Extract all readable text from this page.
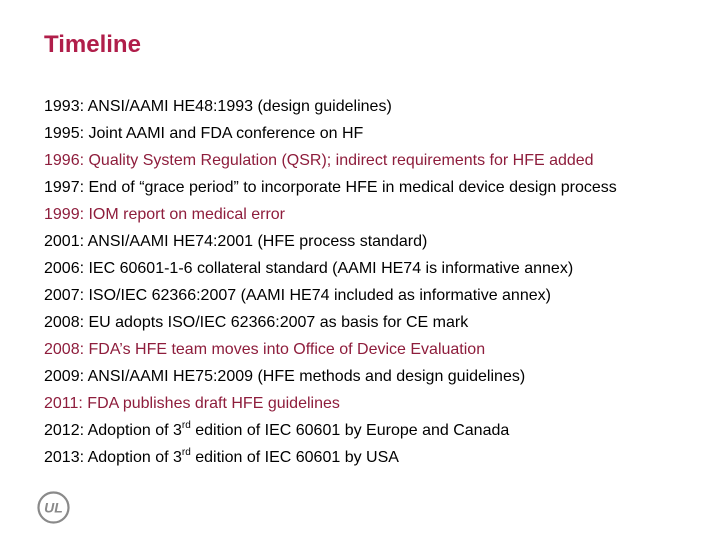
Timeline
1993: ANSI/AAMI HE48:1993 (design guidelines)
1995: Joint AAMI and FDA conference on HF
1996: Quality System Regulation (QSR); indirect requirements for HFE added
1997: End of “grace period” to incorporate HFE in medical device design process
1999: IOM report on medical error
2001: ANSI/AAMI HE74:2001 (HFE process standard)
2006: IEC 60601-1-6 collateral standard (AAMI HE74 is informative annex)
2007: ISO/IEC 62366:2007 (AAMI HE74 included as informative annex)
2008: EU adopts ISO/IEC 62366:2007 as basis for CE mark
2008: FDA’s HFE team moves into Office of Device Evaluation
2009: ANSI/AAMI HE75:2009 (HFE methods and design guidelines)
2011: FDA publishes draft HFE guidelines
2012: Adoption of 3rd edition of IEC 60601 by Europe and Canada
2013: Adoption of 3rd edition of IEC 60601 by USA
UL
